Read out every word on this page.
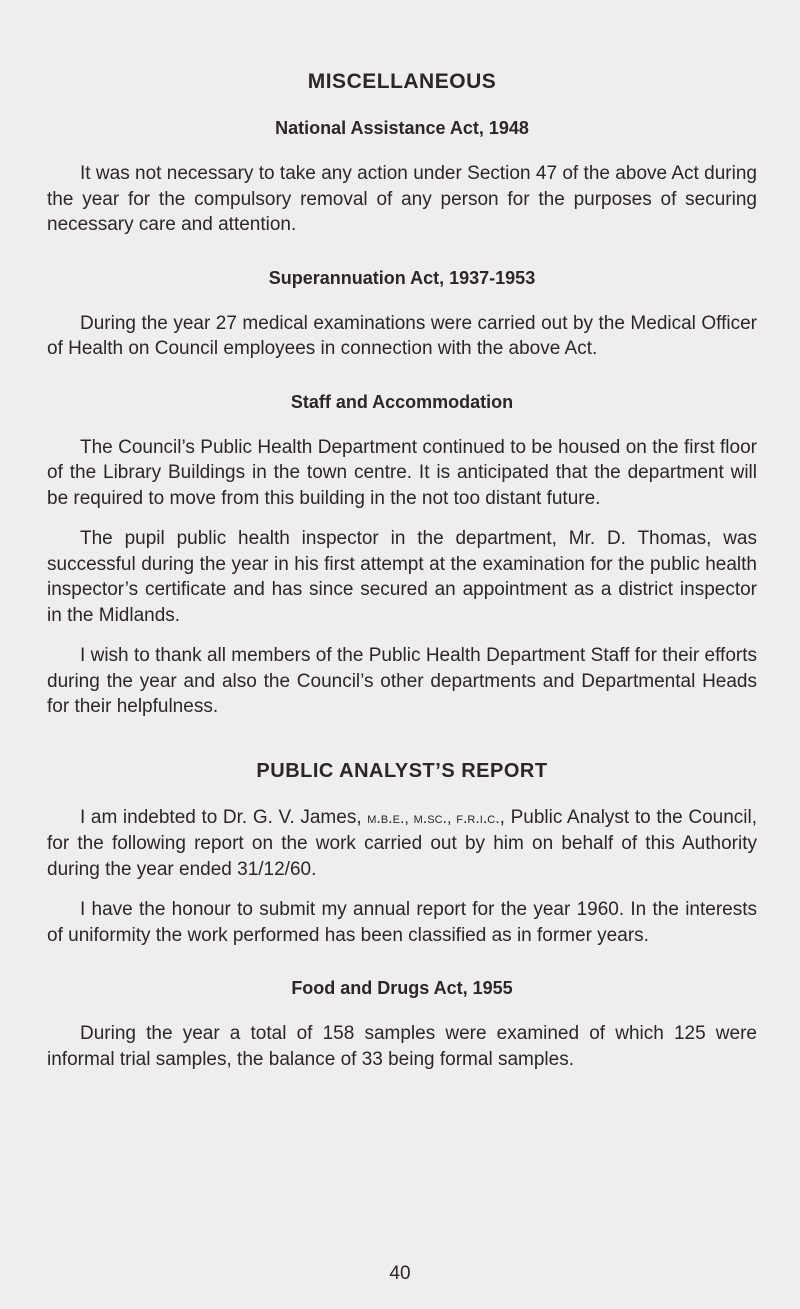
MISCELLANEOUS
National Assistance Act, 1948

It was not necessary to take any action under Section 47 of the above Act during the year for the compulsory removal of any person for the purposes of securing necessary care and attention.

Superannuation Act, 1937-1953

During the year 27 medical examinations were carried out by the Medical Officer of Health on Council employees in connection with the above Act.

Staff and Accommodation

The Council’s Public Health Department continued to be housed on the first floor of the Library Buildings in the town centre. It is anticipated that the department will be required to move from this building in the not too distant future.

The pupil public health inspector in the department, Mr. D. Thomas, was successful during the year in his first attempt at the examination for the public health inspector’s certificate and has since secured an appointment as a district inspector in the Midlands.

I wish to thank all members of the Public Health Department Staff for their efforts during the year and also the Council’s other departments and Departmental Heads for their helpfulness.

PUBLIC ANALYST’S REPORT

I am indebted to Dr. G. V. James, m.b.e., m.sc., f.r.i.c., Public Analyst to the Council, for the following report on the work carried out by him on behalf of this Authority during the year ended 31/12/60.

I have the honour to submit my annual report for the year 1960. In the interests of uniformity the work performed has been classified as in former years.

Food and Drugs Act, 1955

During the year a total of 158 samples were examined of which 125 were informal trial samples, the balance of 33 being formal samples.

40
